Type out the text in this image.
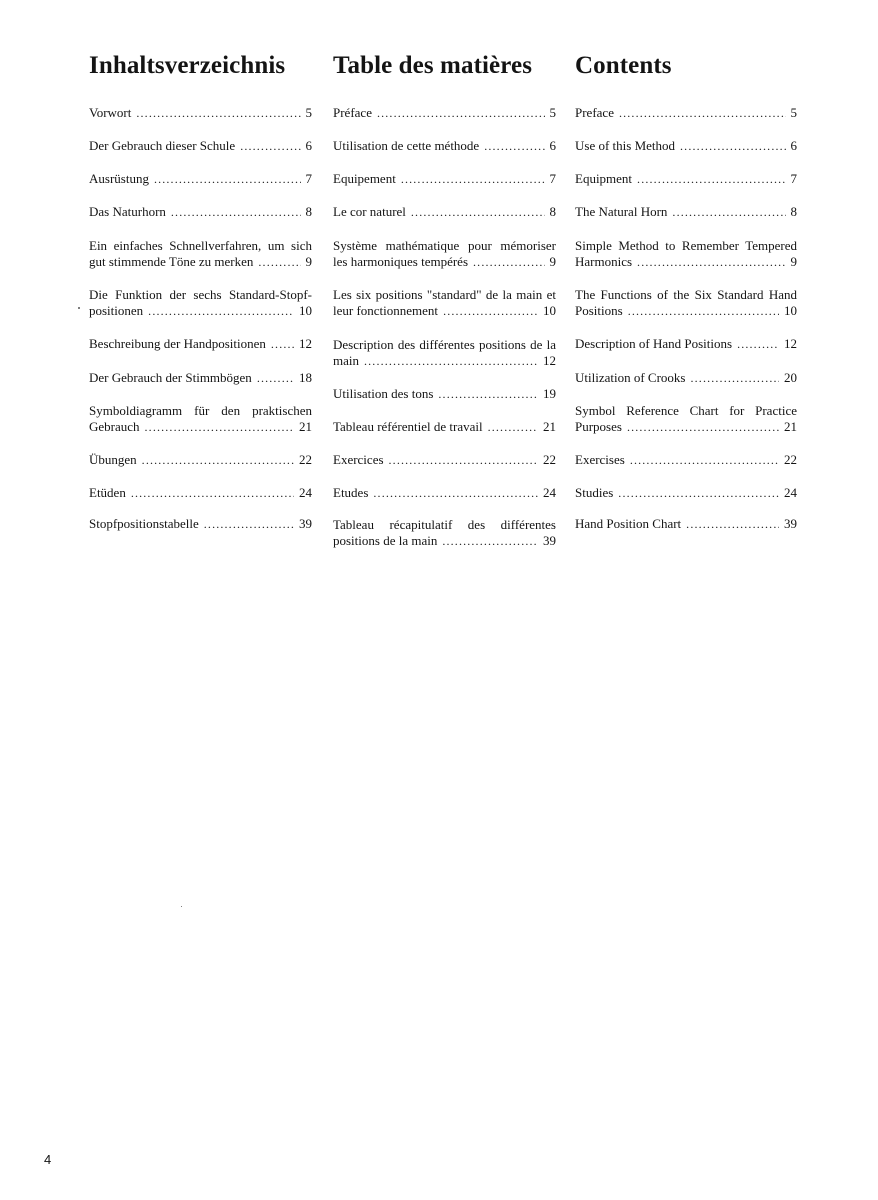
Inhaltsverzeichnis
Vorwort .....	5
Der Gebrauch dieser Schule .....	6
Ausrüstung .....	7
Das Naturhorn .....	8
Ein einfaches Schnellverfahren, um sich
gut stimmende Töne zu merken .....	9
Die Funktion der sechs Standard-Stopf-
positionen .....	10
Beschreibung der Handpositionen .....	12
Der Gebrauch der Stimmbögen .....	18
Symboldiagramm für den praktischen
Gebrauch .....	21
Übungen .....	22
Etüden .....	24
Stopfpositionstabelle .....	39
Table des matières
Préface .....	5
Utilisation de cette méthode .....	6
Equipement .....	7
Le cor naturel .....	8
Système mathématique pour mémoriser
les harmoniques tempérés .....	9
Les six positions "standard" de la main et
leur fonctionnement .....	10
Description des différentes positions de la
main .....	12
Utilisation des tons .....	19
Tableau référentiel de travail .....	21
Exercices .....	22
Etudes .....	24
Tableau récapitulatif des différentes
positions de la main .....	39
Contents
Preface .....	5
Use of this Method .....	6
Equipment .....	7
The Natural Horn .....	8
Simple Method to Remember Tempered
Harmonics .....	9
The Functions of the Six Standard Hand
Positions .....	10
Description of Hand Positions .....	12
Utilization of Crooks .....	20
Symbol Reference Chart for Practice
Purposes .....	21
Exercises .....	22
Studies .....	24
Hand Position Chart .....	39
4
